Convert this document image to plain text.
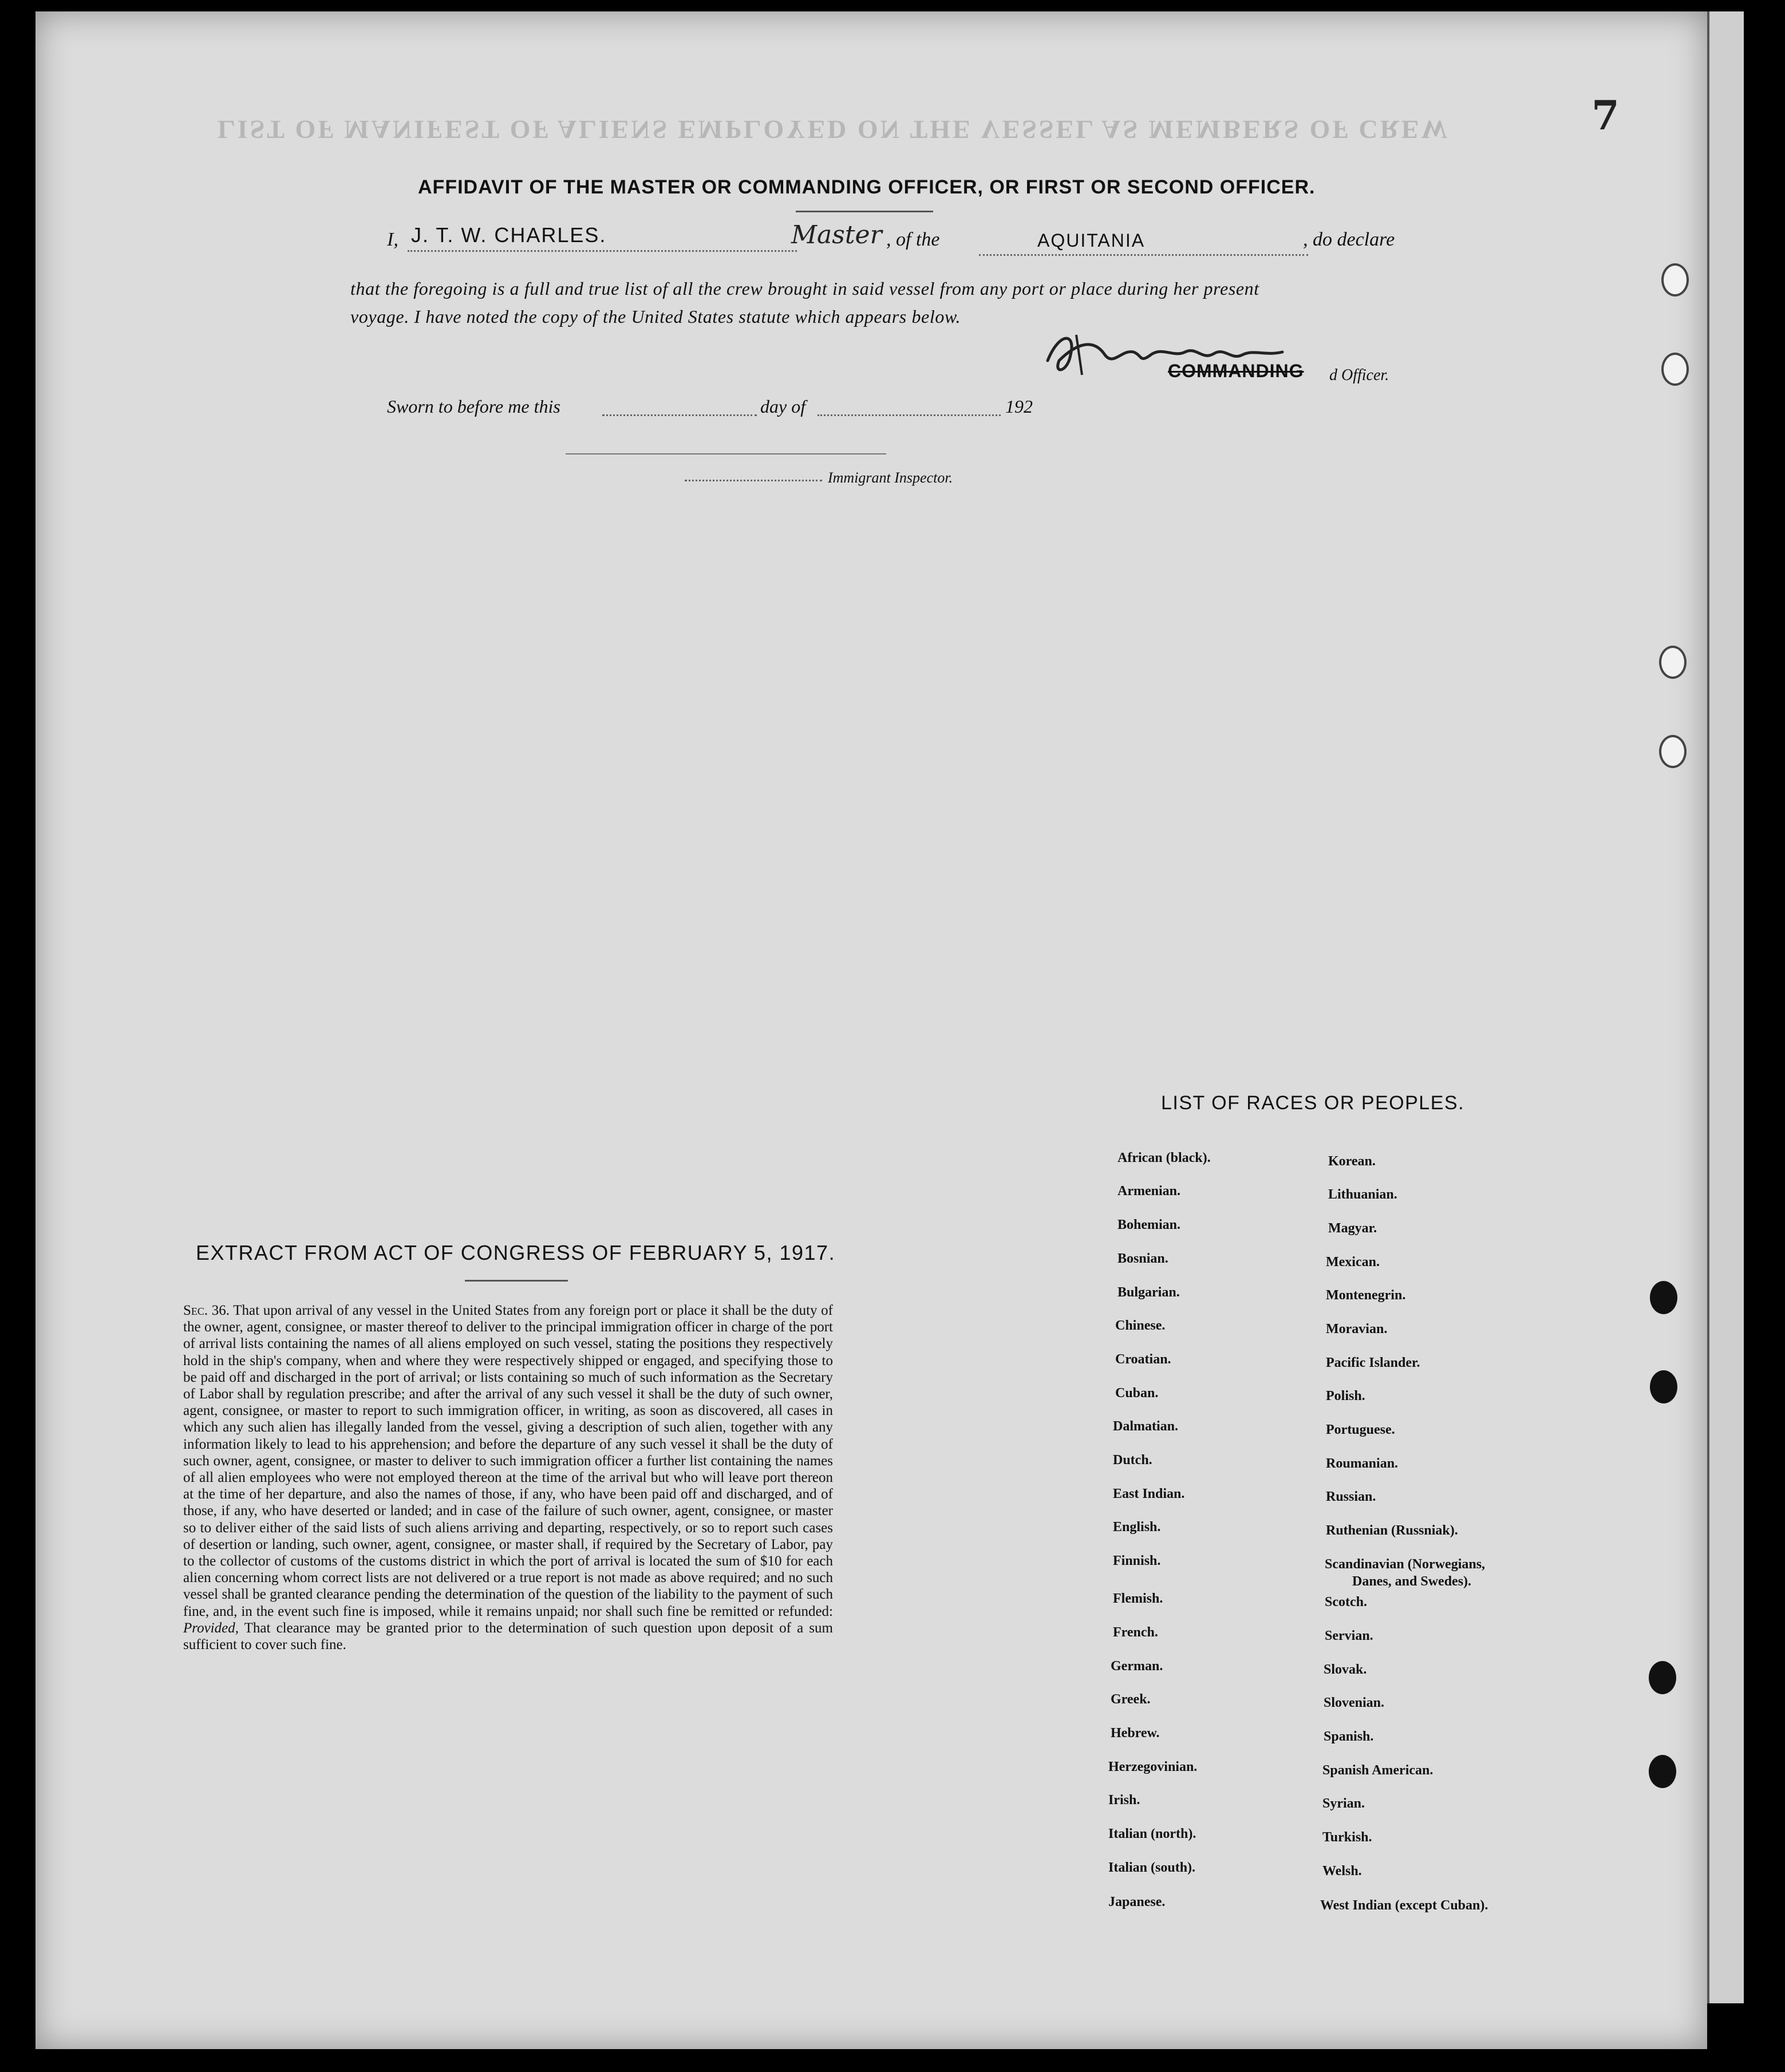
LIST OF MANIFEST OF ALIENS EMPLOYED ON THE VESSEL AS MEMBERS OF CREW	7
AFFIDAVIT OF THE MASTER OR COMMANDING OFFICER, OR FIRST OR SECOND OFFICER.
I, J. T. W. CHARLES.	Master , of the	AQUITANIA	, do declare
that the foregoing is a full and true list of all the crew brought in said vessel from any port or place during her present
voyage. I have noted the copy of the United States statute which appears below.
COMMANDING d Officer.
Sworn to before me this	day of	192
Immigrant Inspector.
EXTRACT FROM ACT OF CONGRESS OF FEBRUARY 5, 1917.
Sec. 36. That upon arrival of any vessel in the United States from any foreign port or place it shall be the duty of the owner, agent, consignee, or master thereof to deliver to the principal immigration officer in charge of the port of arrival lists containing the names of all aliens employed on such vessel, stating the positions they respectively hold in the ship's company, when and where they were respectively shipped or engaged, and specifying those to be paid off and discharged in the port of arrival; or lists containing so much of such information as the Secretary of Labor shall by regulation prescribe; and after the arrival of any such vessel it shall be the duty of such owner, agent, consignee, or master to report to such immigration officer, in writing, as soon as discovered, all cases in which any such alien has illegally landed from the vessel, giving a description of such alien, together with any information likely to lead to his apprehension; and before the departure of any such vessel it shall be the duty of such owner, agent, consignee, or master to deliver to such immigration officer a further list containing the names of all alien employees who were not employed thereon at the time of the arrival but who will leave port thereon at the time of her departure, and also the names of those, if any, who have been paid off and discharged, and of those, if any, who have deserted or landed; and in case of the failure of such owner, agent, consignee, or master so to deliver either of the said lists of such aliens arriving and departing, respectively, or so to report such cases of desertion or landing, such owner, agent, consignee, or master shall, if required by the Secretary of Labor, pay to the collector of customs of the customs district in which the port of arrival is located the sum of $10 for each alien concerning whom correct lists are not delivered or a true report is not made as above required; and no such vessel shall be granted clearance pending the determination of the question of the liability to the payment of such fine, and, in the event such fine is imposed, while it remains unpaid; nor shall such fine be remitted or refunded: Provided, That clearance may be granted prior to the determination of such question upon deposit of a sum sufficient to cover such fine.
LIST OF RACES OR PEOPLES.
African (black).
Armenian.
Bohemian.
Bosnian.
Bulgarian.
Chinese.
Croatian.
Cuban.
Dalmatian.
Dutch.
East Indian.
English.
Finnish.
Flemish.
French.
German.
Greek.
Hebrew.
Herzegovinian.
Irish.
Italian (north).
Italian (south).
Japanese.
Korean.
Lithuanian.
Magyar.
Mexican.
Montenegrin.
Moravian.
Pacific Islander.
Polish.
Portuguese.
Roumanian.
Russian.
Ruthenian (Russniak).
Scandinavian (Norwegians,
Danes, and Swedes).
Scotch.
Servian.
Slovak.
Slovenian.
Spanish.
Spanish American.
Syrian.
Turkish.
Welsh.
West Indian (except Cuban).
